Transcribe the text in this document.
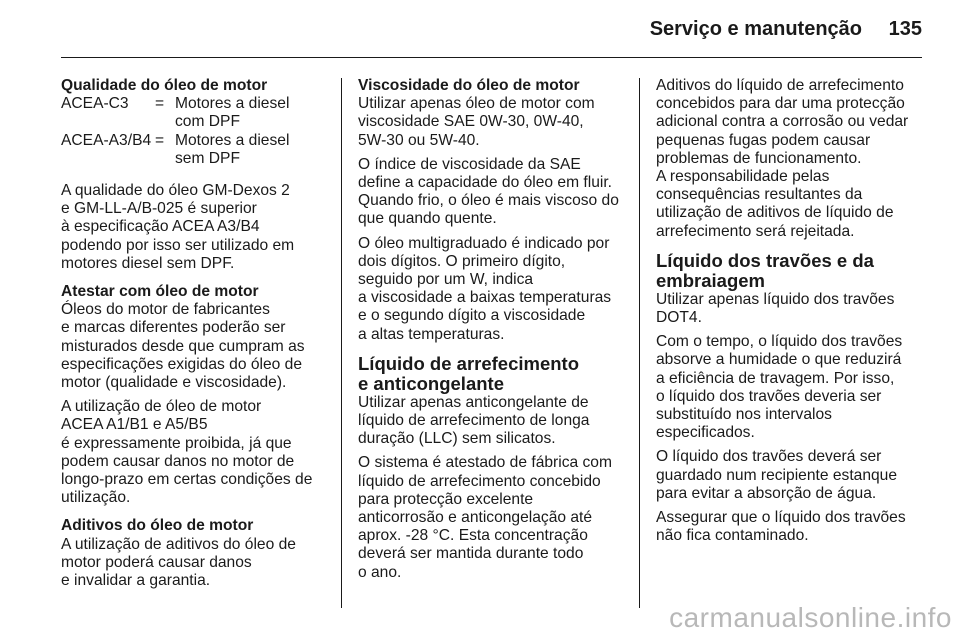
Serviço e manutenção 135
Qualidade do óleo de motor
ACEA-C3	= Motores a diesel
com DPF
ACEA-A3/B4 = Motores a diesel
sem DPF
A qualidade do óleo GM-Dexos 2
e GM-LL-A/B-025 é superior
à especificação ACEA A3/B4
podendo por isso ser utilizado em
motores diesel sem DPF.
Atestar com óleo de motor
Óleos do motor de fabricantes
e marcas diferentes poderão ser
misturados desde que cumpram as
especificações exigidas do óleo de
motor (qualidade e viscosidade).
A utilização de óleo de motor
ACEA A1/B1 e A5/B5
é expressamente proibida, já que
podem causar danos no motor de
longo-prazo em certas condições de
utilização.
Aditivos do óleo de motor
A utilização de aditivos do óleo de
motor poderá causar danos
e invalidar a garantia.
Viscosidade do óleo de motor
Utilizar apenas óleo de motor com
viscosidade SAE 0W-30, 0W-40,
5W-30 ou 5W-40.
O índice de viscosidade da SAE
define a capacidade do óleo em fluir.
Quando frio, o óleo é mais viscoso do
que quando quente.
O óleo multigraduado é indicado por
dois dígitos. O primeiro dígito,
seguido por um W, indica
a viscosidade a baixas temperaturas
e o segundo dígito a viscosidade
a altas temperaturas.
Líquido de arrefecimento
e anticongelante
Utilizar apenas anticongelante de
líquido de arrefecimento de longa
duração (LLC) sem silicatos.
O sistema é atestado de fábrica com
líquido de arrefecimento concebido
para protecção excelente
anticorrosão e anticongelação até
aprox. -28 °C. Esta concentração
deverá ser mantida durante todo
o ano.
Aditivos do líquido de arrefecimento
concebidos para dar uma protecção
adicional contra a corrosão ou vedar
pequenas fugas podem causar
problemas de funcionamento.
A responsabilidade pelas
consequências resultantes da
utilização de aditivos de líquido de
arrefecimento será rejeitada.
Líquido dos travões e da
embraiagem
Utilizar apenas líquido dos travões
DOT4.
Com o tempo, o líquido dos travões
absorve a humidade o que reduzirá
a eficiência de travagem. Por isso,
o líquido dos travões deveria ser
substituído nos intervalos
especificados.
O líquido dos travões deverá ser
guardado num recipiente estanque
para evitar a absorção de água.
Assegurar que o líquido dos travões
não fica contaminado.
carmanualsonline.info
